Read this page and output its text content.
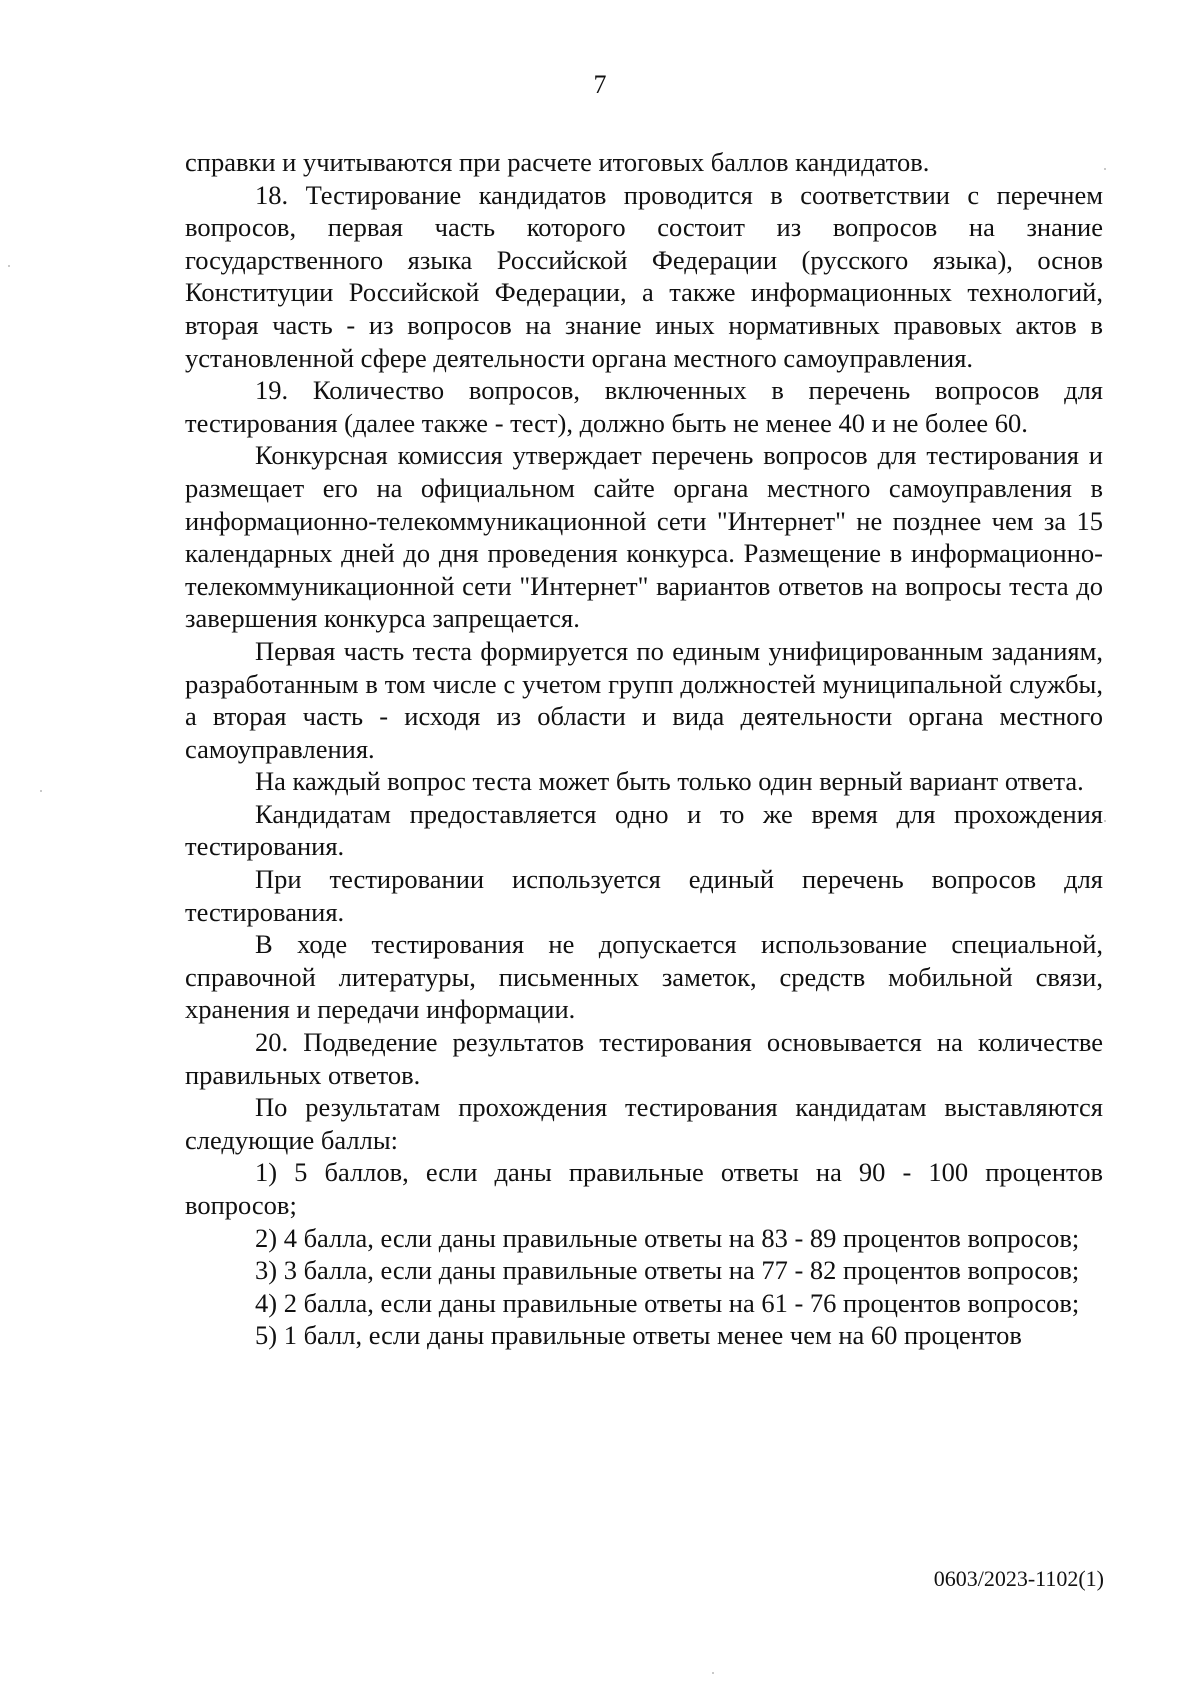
7

справки и учитываются при расчете итоговых баллов кандидатов.

18. Тестирование кандидатов проводится в соответствии с перечнем вопросов, первая часть которого состоит из вопросов на знание государственного языка Российской Федерации (русского языка), основ Конституции Российской Федерации, а также информационных технологий, вторая часть - из вопросов на знание иных нормативных правовых актов в установленной сфере деятельности органа местного самоуправления.

19. Количество вопросов, включенных в перечень вопросов для тестирования (далее также - тест), должно быть не менее 40 и не более 60.

Конкурсная комиссия утверждает перечень вопросов для тестирования и размещает его на официальном сайте органа местного самоуправления в информационно-телекоммуникационной сети "Интернет" не позднее чем за 15 календарных дней до дня проведения конкурса. Размещение в информационно-телекоммуникационной сети "Интернет" вариантов ответов на вопросы теста до завершения конкурса запрещается.

Первая часть теста формируется по единым унифицированным заданиям, разработанным в том числе с учетом групп должностей муниципальной службы, а вторая часть - исходя из области и вида деятельности органа местного самоуправления.

На каждый вопрос теста может быть только один верный вариант ответа.

Кандидатам предоставляется одно и то же время для прохождения тестирования.

При тестировании используется единый перечень вопросов для тестирования.

В ходе тестирования не допускается использование специальной, справочной литературы, письменных заметок, средств мобильной связи, хранения и передачи информации.

20. Подведение результатов тестирования основывается на количестве правильных ответов.

По результатам прохождения тестирования кандидатам выставляются следующие баллы:

1) 5 баллов, если даны правильные ответы на 90 - 100 процентов вопросов;

2) 4 балла, если даны правильные ответы на 83 - 89 процентов вопросов;

3) 3 балла, если даны правильные ответы на 77 - 82 процентов вопросов;

4) 2 балла, если даны правильные ответы на 61 - 76 процентов вопросов;

5) 1 балл, если даны правильные ответы менее чем на 60 процентов

0603/2023-1102(1)
